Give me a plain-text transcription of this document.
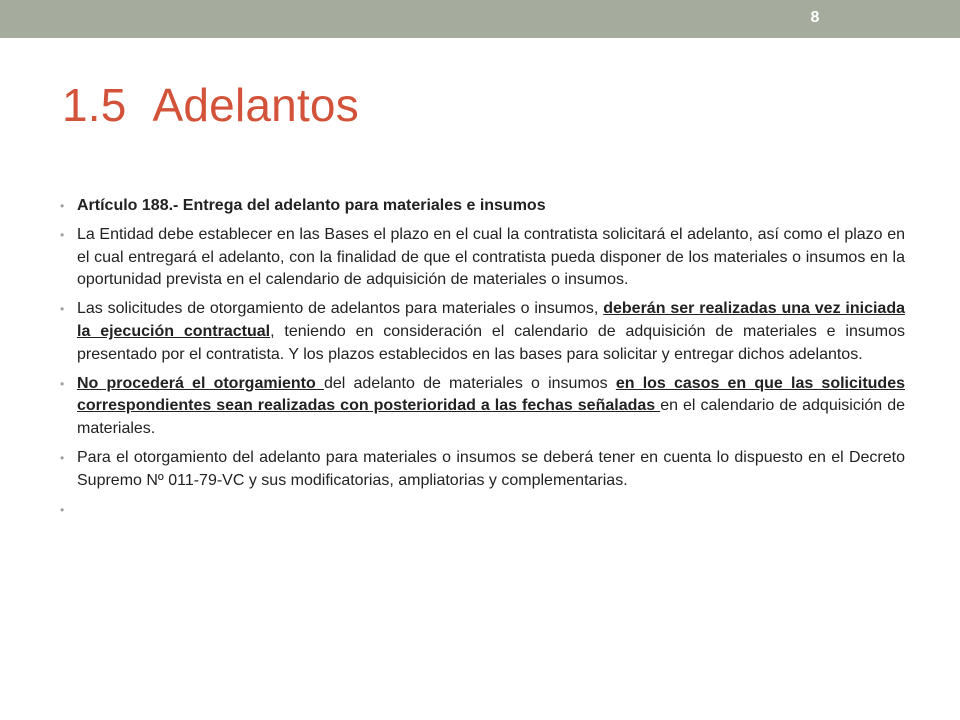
8
1.5  Adelantos
• Artículo 188.- Entrega del adelanto para materiales e insumos
• La Entidad debe establecer en las Bases el plazo en el cual la contratista solicitará el adelanto, así como el plazo en el cual entregará el adelanto, con la finalidad de que el contratista pueda disponer de los materiales o insumos en la oportunidad prevista en el calendario de adquisición de materiales o insumos.
• Las solicitudes de otorgamiento de adelantos para materiales o insumos, deberán ser realizadas una vez iniciada la ejecución contractual, teniendo en consideración el calendario de adquisición de materiales e insumos presentado por el contratista. Y los plazos establecidos en las bases para solicitar y entregar dichos adelantos.
• No procederá el otorgamiento del adelanto de materiales o insumos en los casos en que las solicitudes correspondientes sean realizadas con posterioridad a las fechas señaladas en el calendario de adquisición de materiales.
• Para el otorgamiento del adelanto para materiales o insumos se deberá tener en cuenta lo dispuesto en el Decreto Supremo Nº 011-79-VC y sus modificatorias, ampliatorias y complementarias.
•
